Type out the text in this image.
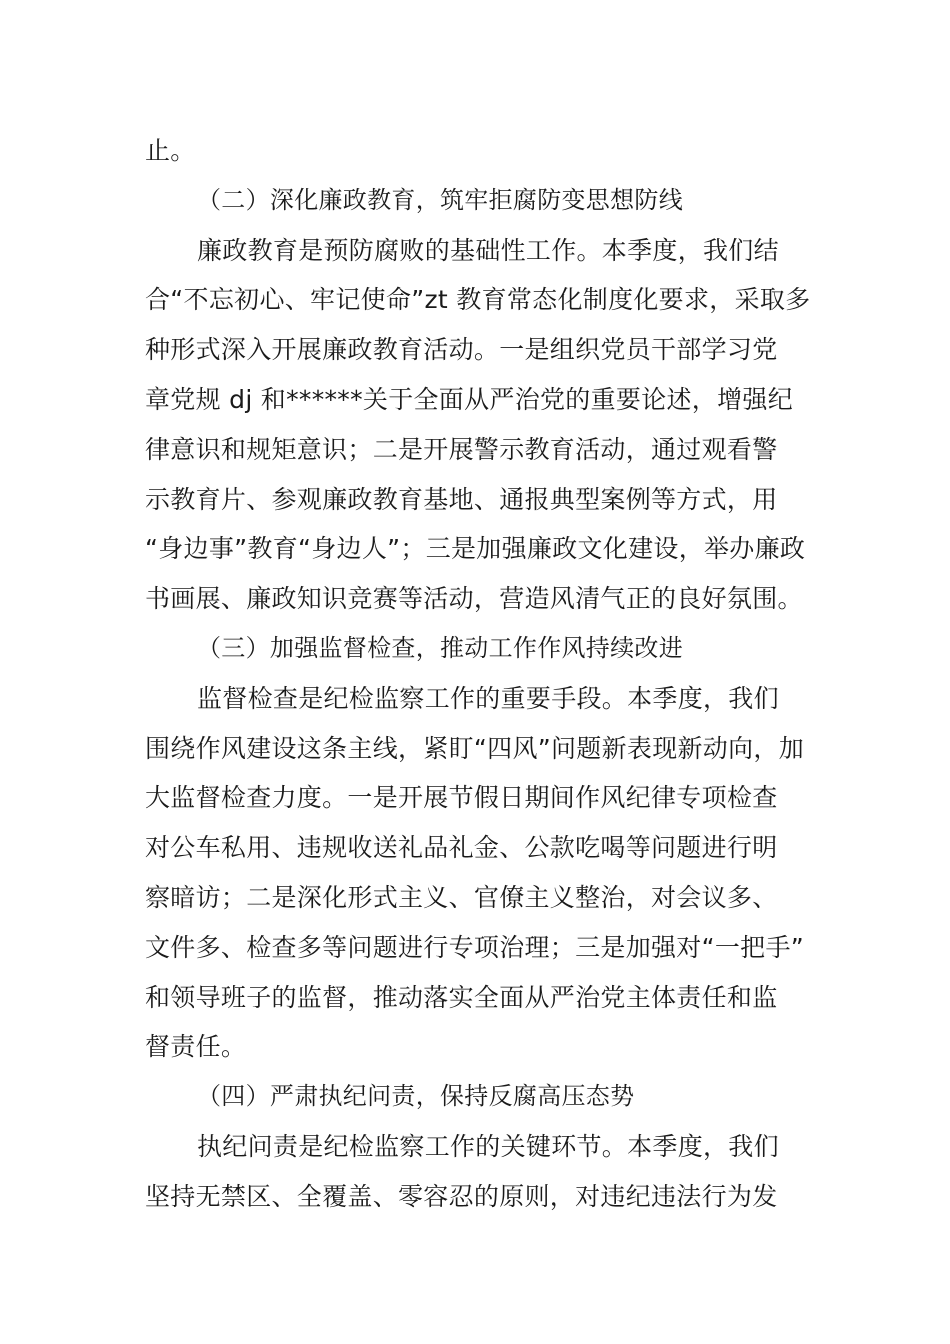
止。
（二）深化廉政教育，筑牢拒腐防变思想防线
廉政教育是预防腐败的基础性工作。本季度，我们结
合“不忘初心、牢记使命”zt 教育常态化制度化要求，采取多
种形式深入开展廉政教育活动。一是组织党员干部学习党
章党规 dj 和******关于全面从严治党的重要论述，增强纪
律意识和规矩意识；二是开展警示教育活动，通过观看警
示教育片、参观廉政教育基地、通报典型案例等方式，用
“身边事”教育“身边人”；三是加强廉政文化建设，举办廉政
书画展、廉政知识竞赛等活动，营造风清气正的良好氛围。
（三）加强监督检查，推动工作作风持续改进
监督检查是纪检监察工作的重要手段。本季度，我们
围绕作风建设这条主线，紧盯“四风”问题新表现新动向，加
大监督检查力度。一是开展节假日期间作风纪律专项检查
对公车私用、违规收送礼品礼金、公款吃喝等问题进行明
察暗访；二是深化形式主义、官僚主义整治，对会议多、
文件多、检查多等问题进行专项治理；三是加强对“一把手”
和领导班子的监督，推动落实全面从严治党主体责任和监
督责任。
（四）严肃执纪问责，保持反腐高压态势
执纪问责是纪检监察工作的关键环节。本季度，我们
坚持无禁区、全覆盖、零容忍的原则，对违纪违法行为发
